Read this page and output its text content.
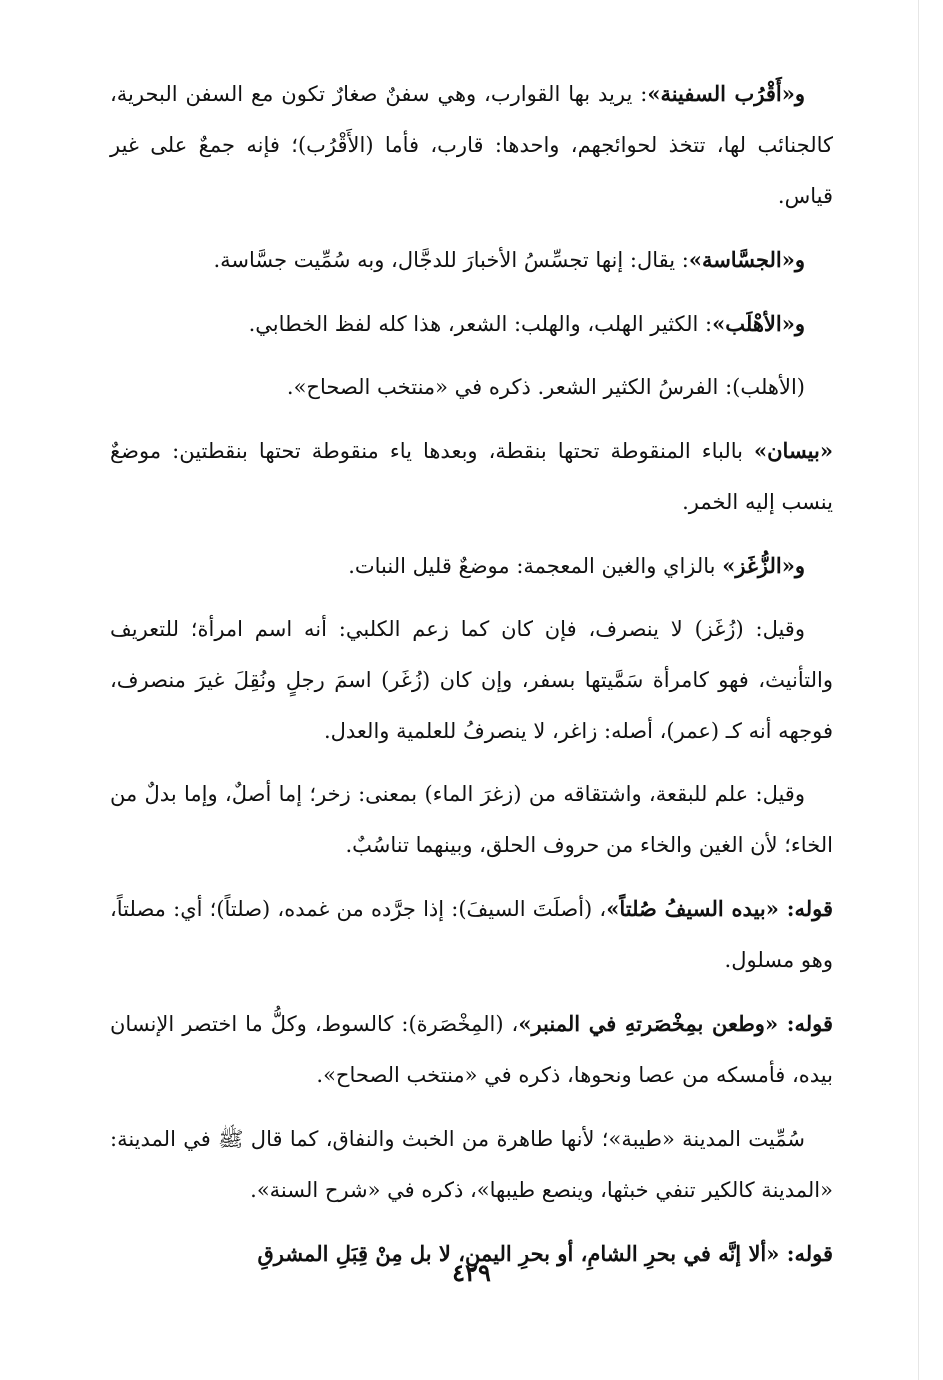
و«أَقْرُب السفينة»: يريد بها القوارب، وهي سفنٌ صغارٌ تكون مع السفن البحرية، كالجنائب لها، تتخذ لحوائجهم، واحدها: قارب، فأما (الأَقْرُب)؛ فإنه جمعٌ على غير قياس.

و«الجسَّاسة»: يقال: إنها تجسِّسُ الأخبارَ للدجَّال، وبه سُمِّيت جسَّاسة.

و«الأهْلَب»: الكثير الهلب، والهلب: الشعر، هذا كله لفظ الخطابي.

(الأهلب): الفرسُ الكثير الشعر. ذكره في «منتخب الصحاح».

«بيسان» بالباء المنقوطة تحتها بنقطة، وبعدها ياء منقوطة تحتها بنقطتين: موضعٌ ينسب إليه الخمر.

و«الزُّغَز» بالزاي والغين المعجمة: موضعٌ قليل النبات.

وقيل: (زُغَز) لا ينصرف، فإن كان كما زعم الكلبي: أنه اسم امرأة؛ للتعريف والتأنيث، فهو كامرأة سَمَّيتها بسفر، وإن كان (زُغَر) اسمَ رجلٍ ونُقِلَ غيرَ منصرف، فوجهه أنه كـ (عمر)، أصله: زاغر، لا ينصرفُ للعلمية والعدل.

وقيل: علم للبقعة، واشتقاقه من (زغرَ الماء) بمعنى: زخر؛ إما أصلٌ، وإما بدلٌ من الخاء؛ لأن الغين والخاء من حروف الحلق، وبينهما تناسُبٌ.

قوله: «بيده السيفُ صُلتاً»، (أصلَتَ السيفَ): إذا جرَّده من غمده، (صلتاً)؛ أي: مصلتاً، وهو مسلول.

قوله: «وطعن بمِخْصَرتهِ في المنبر»، (المِخْصَرة): كالسوط، وكلُّ ما اختصر الإنسان بيده، فأمسكه من عصا ونحوها، ذكره في «منتخب الصحاح».

سُمِّيت المدينة «طيبة»؛ لأنها طاهرة من الخبث والنفاق، كما قال ﷺ في المدينة: «المدينة كالكير تنفي خبثها، وينصع طيبها»، ذكره في «شرح السنة».

قوله: «ألا إنَّه في بحرِ الشامِ، أو بحرِ اليمنِ، لا بل مِنْ قِبَلِ المشرقِ

٤٢٩
